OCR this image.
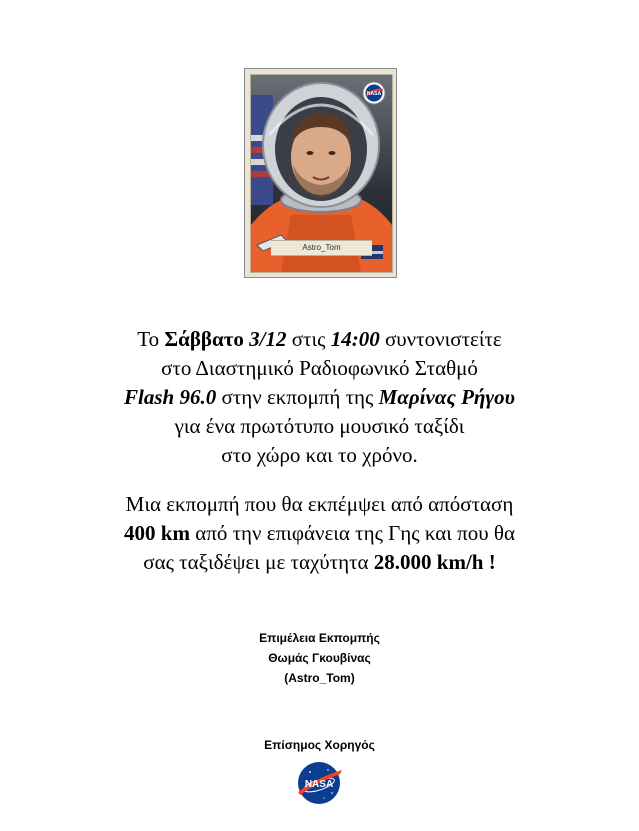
NASA
Astro_Tom
Το Σάββατο 3/12 στις 14:00 συντονιστείτε
στο Διαστημικό Ραδιοφωνικό Σταθμό
Flash 96.0 στην εκπομπή της Μαρίνας Ρήγου
για ένα πρωτότυπο μουσικό ταξίδι
στο χώρο και το χρόνο.
Μια εκπομπή που θα εκπέμψει από απόσταση
400 km από την επιφάνεια της Γης και που θα
σας ταξιδέψει με ταχύτητα 28.000 km/h !
Επιμέλεια Εκπομπής
Θωμάς Γκουβίνας
(Astro_Tom)
Επίσημος Χορηγός
NASA
